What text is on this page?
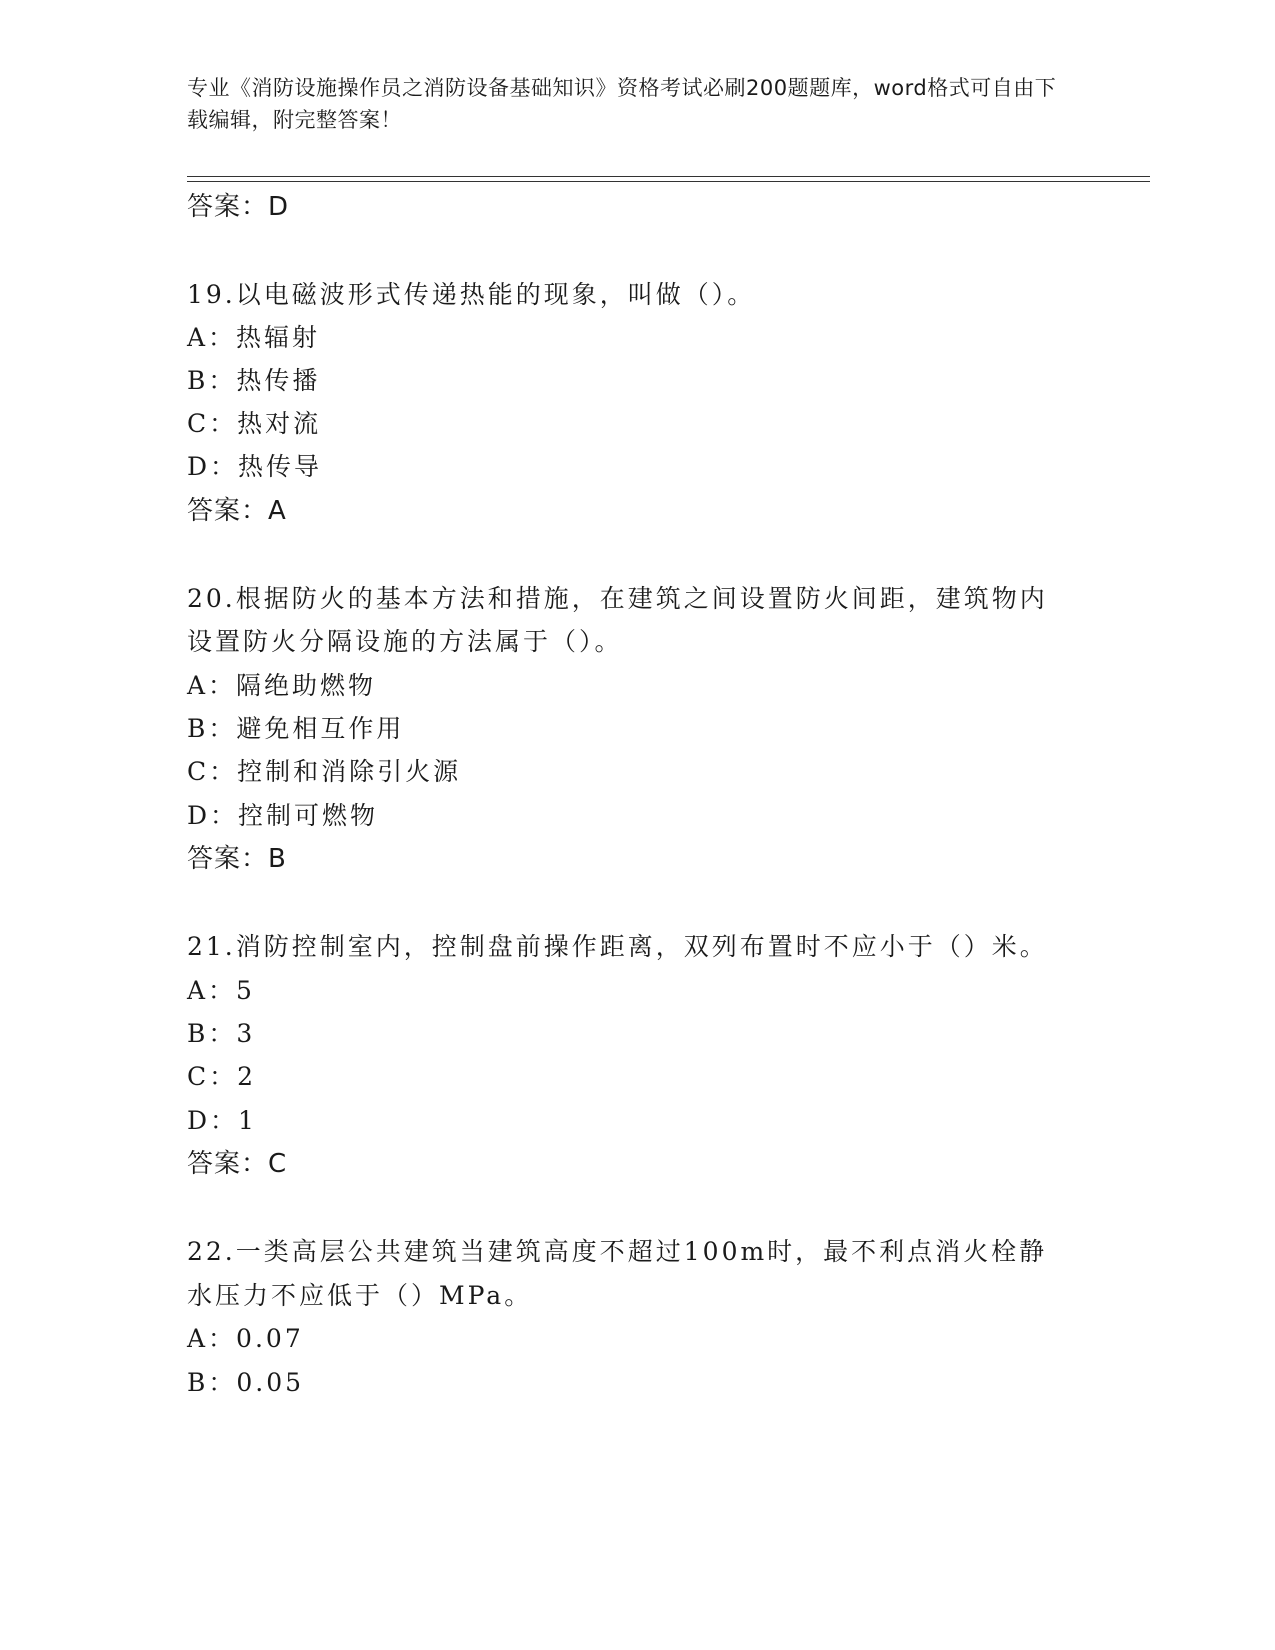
专业《消防设施操作员之消防设备基础知识》资格考试必刷200题题库，word格式可自由下载编辑，附完整答案！
答案：D
19.以电磁波形式传递热能的现象，叫做（）。
A：热辐射
B：热传播
C：热对流
D：热传导
答案：A
20.根据防火的基本方法和措施，在建筑之间设置防火间距，建筑物内
设置防火分隔设施的方法属于（）。
A：隔绝助燃物
B：避免相互作用
C：控制和消除引火源
D：控制可燃物
答案：B
21.消防控制室内，控制盘前操作距离，双列布置时不应小于（）米。
A：5
B：3
C：2
D：1
答案：C
22.一类高层公共建筑当建筑高度不超过100m时，最不利点消火栓静
水压力不应低于（）MPa。
A：0.07
B：0.05
